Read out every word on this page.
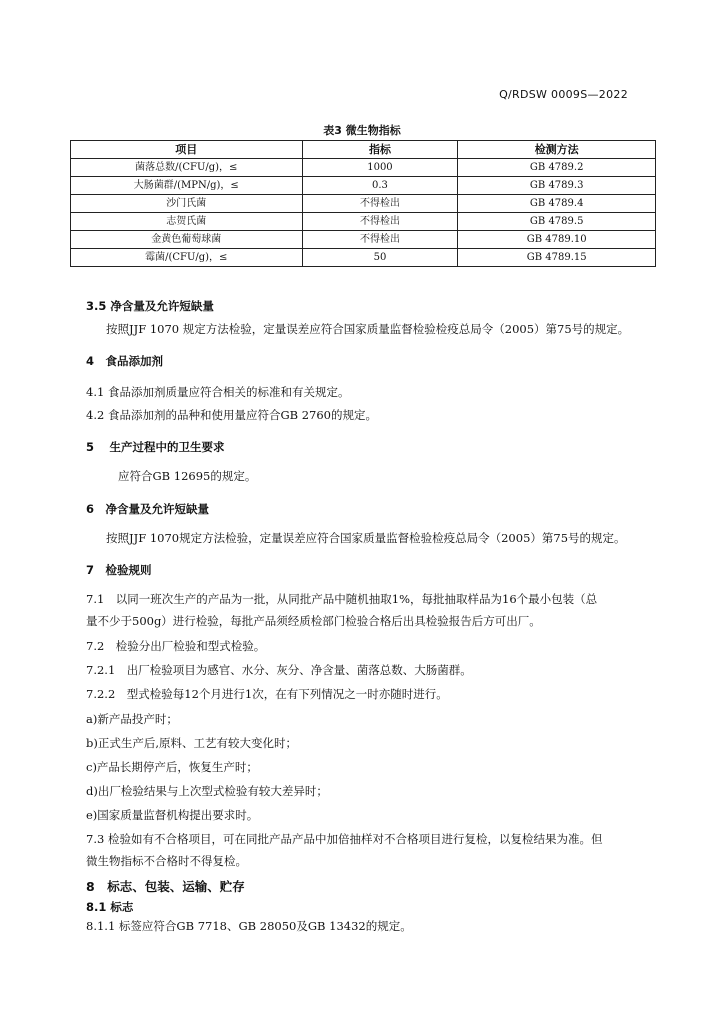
Q/RDSW 0009S—2022
表3 微生物指标
项目	指标	检测方法
菌落总数/(CFU/g)，≤	1000	GB 4789.2
大肠菌群/(MPN/g)，≤	0.3	GB 4789.3
沙门氏菌	不得检出	GB 4789.4
志贺氏菌	不得检出	GB 4789.5
金黄色葡萄球菌	不得检出	GB 4789.10
霉菌/(CFU/g)，≤	50	GB 4789.15
3.5 净含量及允许短缺量
按照JJF 1070 规定方法检验，定量误差应符合国家质量监督检验检疫总局令（2005）第75号的规定。
4　食品添加剂
4.1 食品添加剂质量应符合相关的标准和有关规定。
4.2 食品添加剂的品种和使用量应符合GB 2760的规定。
5　 生产过程中的卫生要求
应符合GB 12695的规定。
6　净含量及允许短缺量
按照JJF 1070规定方法检验，定量误差应符合国家质量监督检验检疫总局令（2005）第75号的规定。
7　检验规则
7.1　以同一班次生产的产品为一批，从同批产品中随机抽取1%，每批抽取样品为16个最小包装（总
量不少于500g）进行检验，每批产品须经质检部门检验合格后出具检验报告后方可出厂。
7.2　检验分出厂检验和型式检验。
7.2.1　出厂检验项目为感官、水分、灰分、净含量、菌落总数、大肠菌群。
7.2.2　型式检验每12个月进行1次，在有下列情况之一时亦随时进行。
a)新产品投产时；
b)正式生产后,原料、工艺有较大变化时；
c)产品长期停产后，恢复生产时；
d)出厂检验结果与上次型式检验有较大差异时；
e)国家质量监督机构提出要求时。
7.3 检验如有不合格项目，可在同批产品产品中加倍抽样对不合格项目进行复检，以复检结果为准。但
微生物指标不合格时不得复检。
8　标志、包装、运输、贮存
8.1 标志
8.1.1 标签应符合GB 7718、GB 28050及GB 13432的规定。
